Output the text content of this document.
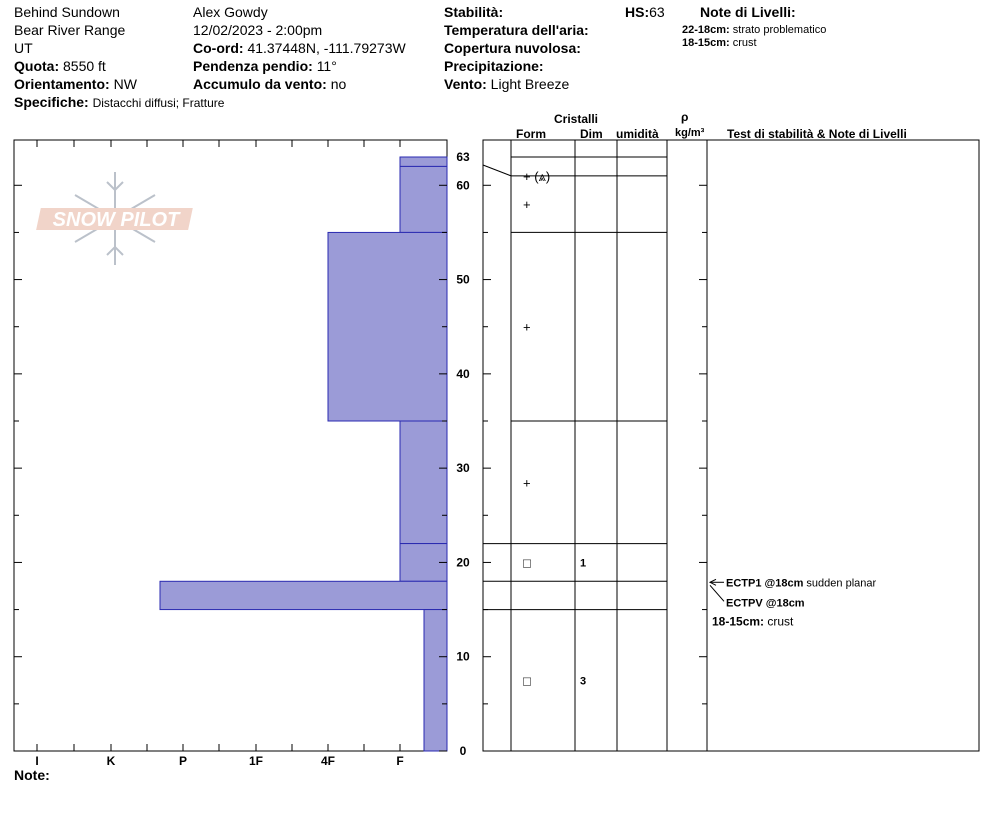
Behind Sundown
Bear River Range
UT
Quota: 8550 ft
Orientamento: NW
Specifiche: Distacchi diffusi; Fratture
Alex Gowdy
12/02/2023 - 2:00pm
Co-ord: 41.37448N, -111.79273W
Pendenza pendio: 11°
Accumulo da vento: no
Stabilità:
Temperatura dell'aria:
Copertura nuvolosa:
Precipitazione:
Vento: Light Breeze
HS:63	Note di Livelli:
22-18cm: strato problematico
18-15cm: crust
Cristalli
Form	Dim umidità
ρ
kg/m³ Test di stabilità & Note di Livelli
Note:
SNOW PILOT
I	K	P	1F	4F	F
0
10
20
30
40
50
60
63
+ (⩓)
+
+
+
□	1
□	3
ECTP1 @18cm sudden planar
ECTPV @18cm
18-15cm: crust
